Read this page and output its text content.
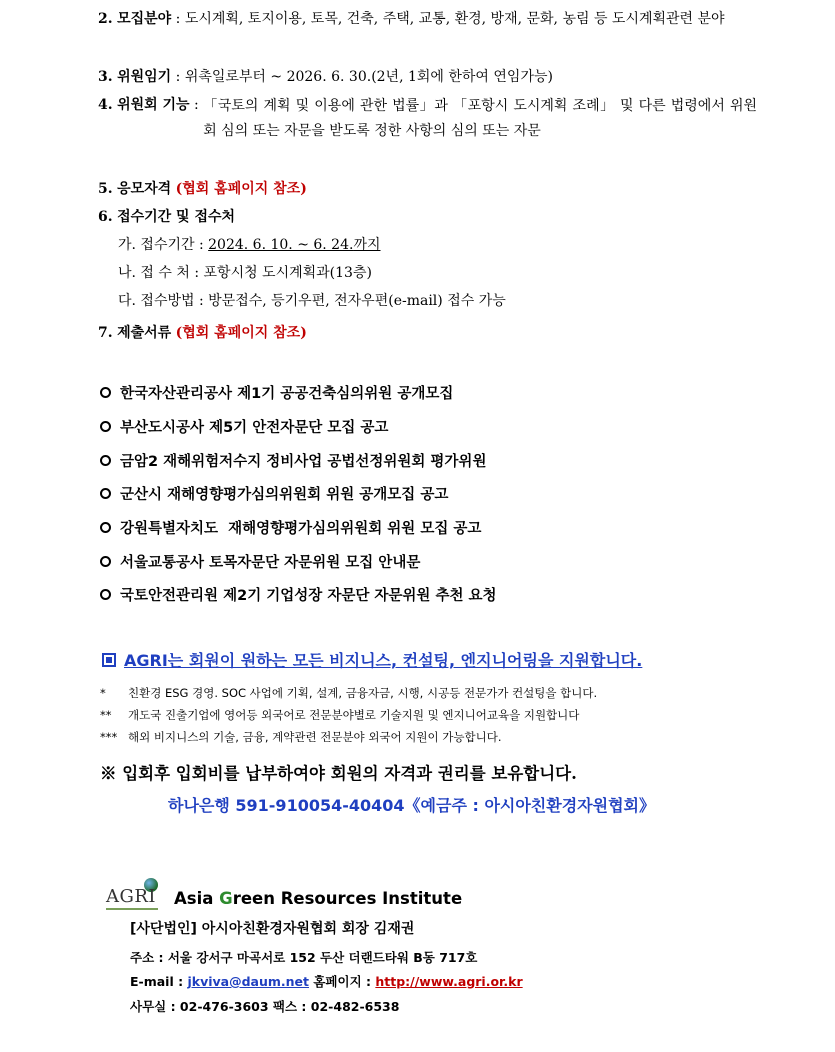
2.
모집분야 : 도시계획, 토지이용, 토목, 건축, 주택, 교통, 환경, 방재, 문화, 농림 등 도시계획관련 분야
3.
위원임기 : 위촉일로부터 ~ 2026. 6. 30.(2년, 1회에 한하여 연임가능)
4.
위원회 기능 : 「국토의 계획 및 이용에 관한 법률」과 「포항시 도시계획 조례」 및 다른 법령에서 위원회 심의 또는 자문을 받도록 정한 사항의 심의 또는 자문
5.
응모자격
(협회 홈페이지 참조)
6.
접수기간 및 접수처
가. 접수기간 : 2024. 6. 10. ~ 6. 24.까지
나. 접 수 처 : 포항시청 도시계획과(13층)
다. 접수방법 : 방문접수, 등기우편, 전자우편(e-mail) 접수 가능
7.
제출서류
(협회 홈페이지 참조)
한국자산관리공사 제1기 공공건축심의위원 공개모집
부산도시공사 제5기 안전자문단 모집 공고
금암2 재해위험저수지 정비사업 공법선정위원회 평가위원
군산시 재해영향평가심의위원회 위원 공개모집 공고
강원특별자치도  재해영향평가심의위원회 위원 모집 공고
서울교통공사 토목자문단 자문위원 모집 안내문
국토안전관리원 제2기 기업성장 자문단 자문위원 추천 요청
AGRI는 회원이 원하는 모든 비지니스, 컨설팅, 엔지니어링을 지원합니다.
*	친환경 ESG 경영. SOC 사업에 기획, 설계, 금융자금, 시행, 시공등 전문가가 컨설팅을 합니다.
**	개도국 진출기업에 영어등 외국어로 전문분야별로 기술지원 및 엔지니어교육을 지원합니다
*** 해외 비지니스의 기술, 금융, 계약관련 전문분야 외국어 지원이 가능합니다.
※ 입회후 입회비를 납부하여야 회원의 자격과 권리를 보유합니다.
하나은행 591-910054-40404《예금주 : 아시아친환경자원협회》
AGRI Asia Green Resources Institute
[사단법인] 아시아친환경자원협회 회장 김재권
주소 : 서울 강서구 마곡서로 152 두산 더랜드타워 B동 717호
E-mail : jkviva@daum.net 홈페이지 : http://www.agri.or.kr
사무실 : 02-476-3603 팩스 : 02-482-6538
